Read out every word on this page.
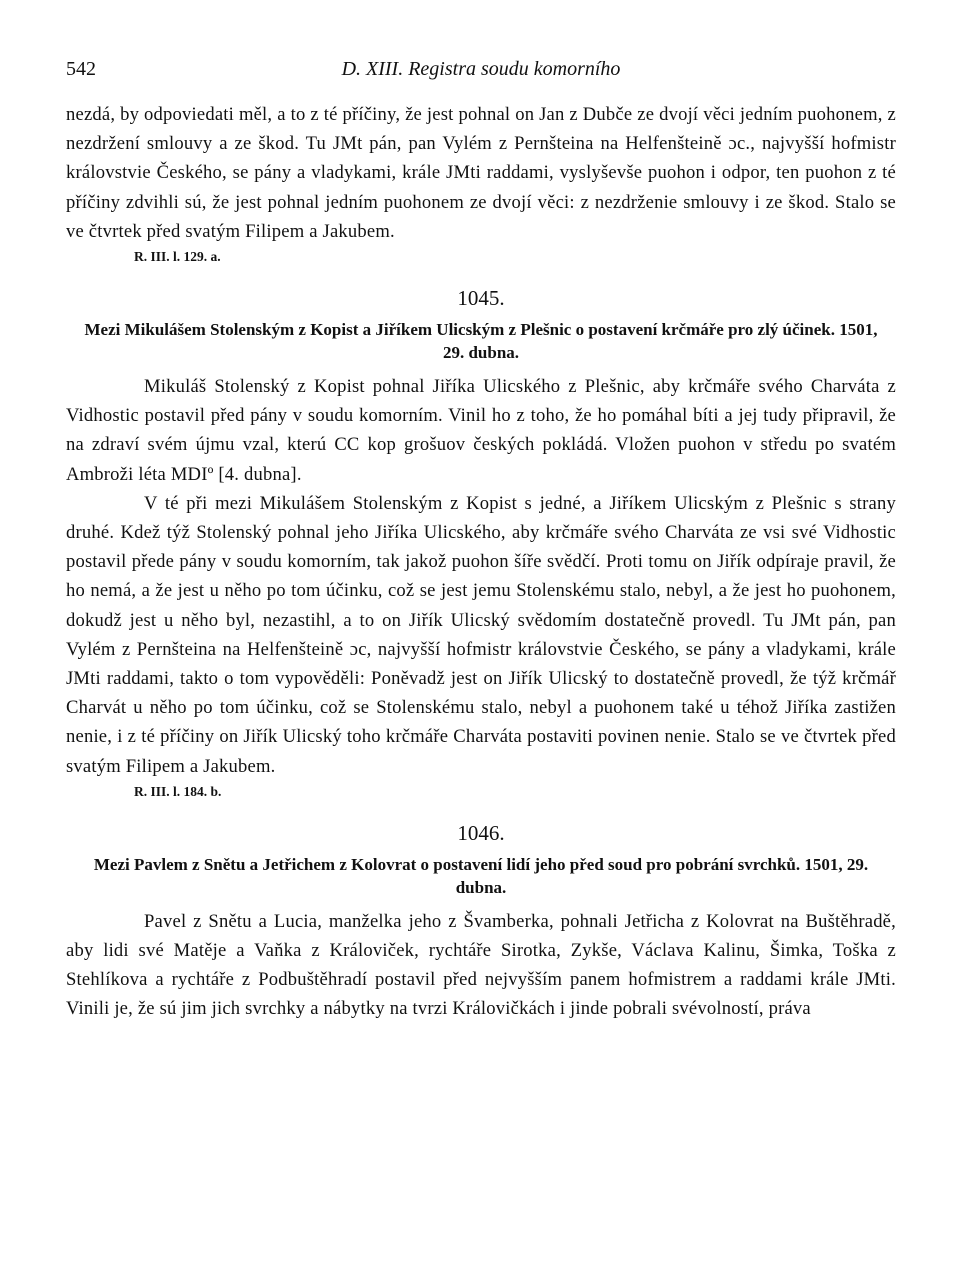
542	D. XIII. Registra soudu komorního

nezdá, by odpoviedati měl, a to z té příčiny, že jest pohnal on Jan z Dubče ze dvojí věci jedním puohonem, z nezdržení smlouvy a ze škod. Tu JMt pán, pan Vylém z Pernšteina na Helfenšteině ɔc., najvyšší hofmistr královstvie Českého, se pány a vladykami, krále JMti raddami, vyslyševše puohon i odpor, ten puohon z té příčiny zdvihli sú, že jest pohnal jedním puohonem ze dvojí věci: z nezdrženie smlouvy i ze škod. Stalo se ve čtvrtek před svatým Filipem a Jakubem.

R. III. l. 129. a.

1045.
Mezi Mikulášem Stolenským z Kopist a Jiříkem Ulicským z Plešnic o postavení krčmáře pro zlý účinek. 1501, 29. dubna.

Mikuláš Stolenský z Kopist pohnal Jiříka Ulicského z Plešnic, aby krčmáře svého Charváta z Vidhostic postavil před pány v soudu komorním. Vinil ho z toho, že ho pomáhal bíti a jej tudy připravil, že na zdraví svém újmu vzal, kterú CC kop grošuov českých pokládá. Vložen puohon v středu po svatém Ambroži léta MDIº [4. dubna].

V té při mezi Mikulášem Stolenským z Kopist s jedné, a Jiříkem Ulicským z Plešnic s strany druhé. Kdež týž Stolenský pohnal jeho Jiříka Ulicského, aby krčmáře svého Charváta ze vsi své Vidhostic postavil přede pány v soudu komorním, tak jakož puohon šíře svědčí. Proti tomu on Jiřík odpíraje pravil, že ho nemá, a že jest u něho po tom účinku, což se jest jemu Stolenskému stalo, nebyl, a že jest ho puohonem, dokudž jest u něho byl, nezastihl, a to on Jiřík Ulicský svědomím dostatečně provedl. Tu JMt pán, pan Vylém z Pernšteina na Helfenšteině ɔc, najvyšší hofmistr královstvie Českého, se pány a vladykami, krále JMti raddami, takto o tom vypověděli: Poněvadž jest on Jiřík Ulicský to dostatečně provedl, že týž krčmář Charvát u něho po tom účinku, což se Stolenskému stalo, nebyl a puohonem také u téhož Jiříka zastižen nenie, i z té příčiny on Jiřík Ulicský toho krčmáře Charváta postaviti povinen nenie. Stalo se ve čtvrtek před svatým Filipem a Jakubem.

R. III. l. 184. b.

1046.
Mezi Pavlem z Snětu a Jetřichem z Kolovrat o postavení lidí jeho před soud pro pobrání svrchků. 1501, 29. dubna.

Pavel z Snětu a Lucia, manželka jeho z Švamberka, pohnali Jetřicha z Kolovrat na Buštěhradě, aby lidi své Matěje a Vaňka z Královiček, rychtáře Sirotka, Zykše, Václava Kalinu, Šimka, Toška z Stehlíkova a rychtáře z Podbuštěhradí postavil před nejvyšším panem hofmistrem a raddami krále JMti. Vinili je, že sú jim jich svrchky a nábytky na tvrzi Královičkách i jinde pobrali svévolností, práva
